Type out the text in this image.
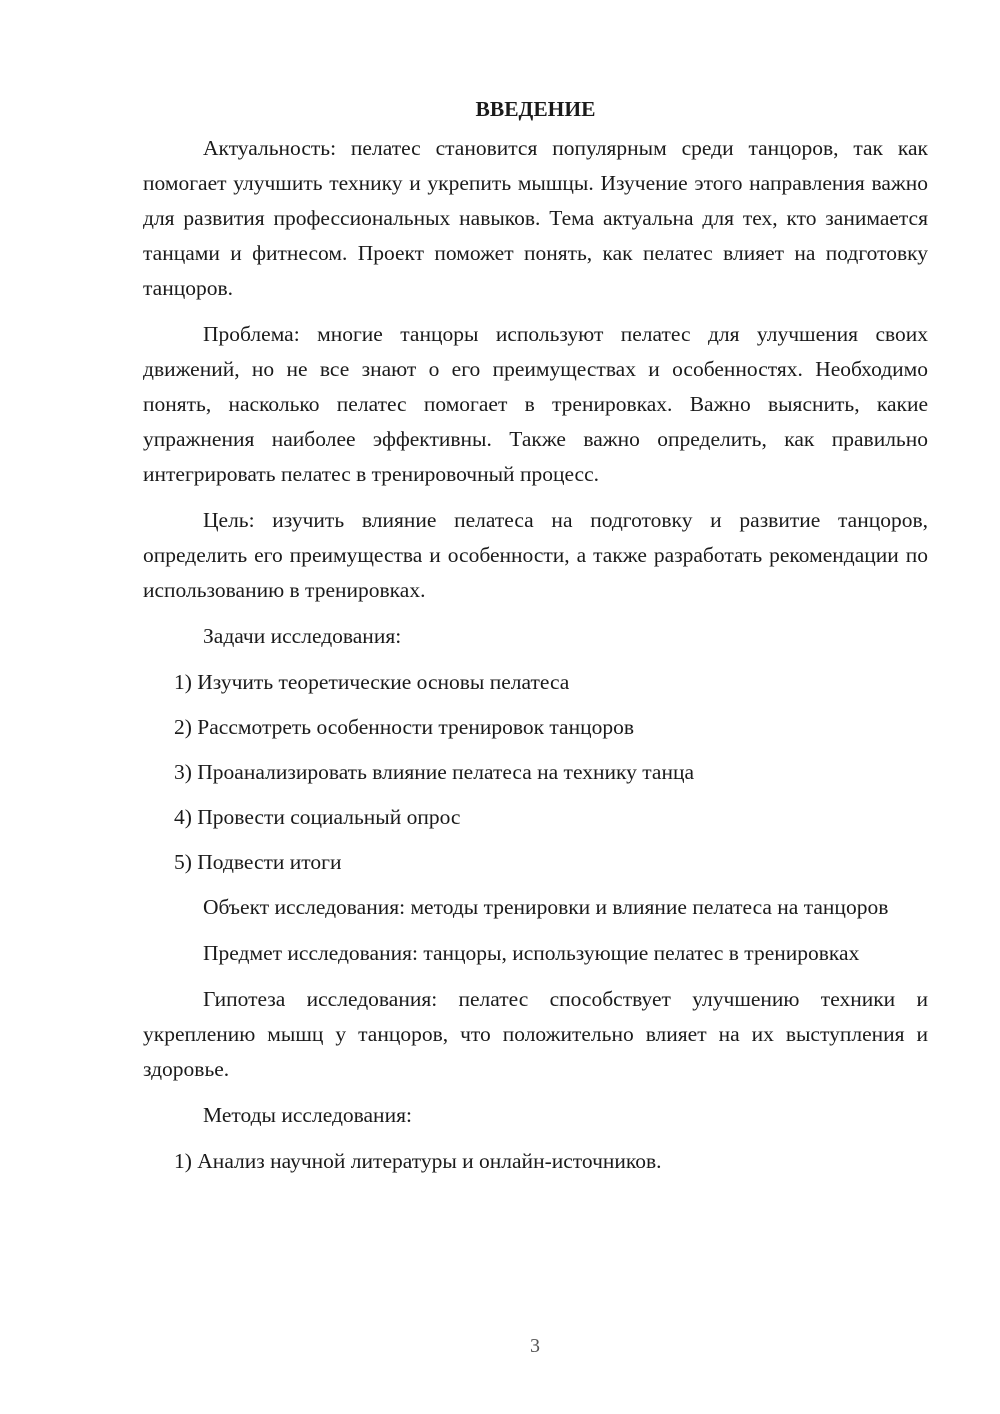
ВВЕДЕНИЕ

Актуальность: пелатес становится популярным среди танцоров, так как помогает улучшить технику и укрепить мышцы. Изучение этого направления важно для развития профессиональных навыков. Тема актуальна для тех, кто занимается танцами и фитнесом. Проект поможет понять, как пелатес влияет на подготовку танцоров.

Проблема: многие танцоры используют пелатес для улучшения своих движений, но не все знают о его преимуществах и особенностях. Необходимо понять, насколько пелатес помогает в тренировках. Важно выяснить, какие упражнения наиболее эффективны. Также важно определить, как правильно интегрировать пелатес в тренировочный процесс.

Цель: изучить влияние пелатеса на подготовку и развитие танцоров, определить его преимущества и особенности, а также разработать рекомендации по использованию в тренировках.

Задачи исследования:

1) Изучить теоретические основы пелатеса

2) Рассмотреть особенности тренировок танцоров

3) Проанализировать влияние пелатеса на технику танца

4) Провести социальный опрос

5) Подвести итоги

Объект исследования: методы тренировки и влияние пелатеса на танцоров

Предмет исследования: танцоры, использующие пелатес в тренировках

Гипотеза исследования: пелатес способствует улучшению техники и укреплению мышц у танцоров, что положительно влияет на их выступления и здоровье.

Методы исследования:

1) Анализ научной литературы и онлайн-источников.

3
